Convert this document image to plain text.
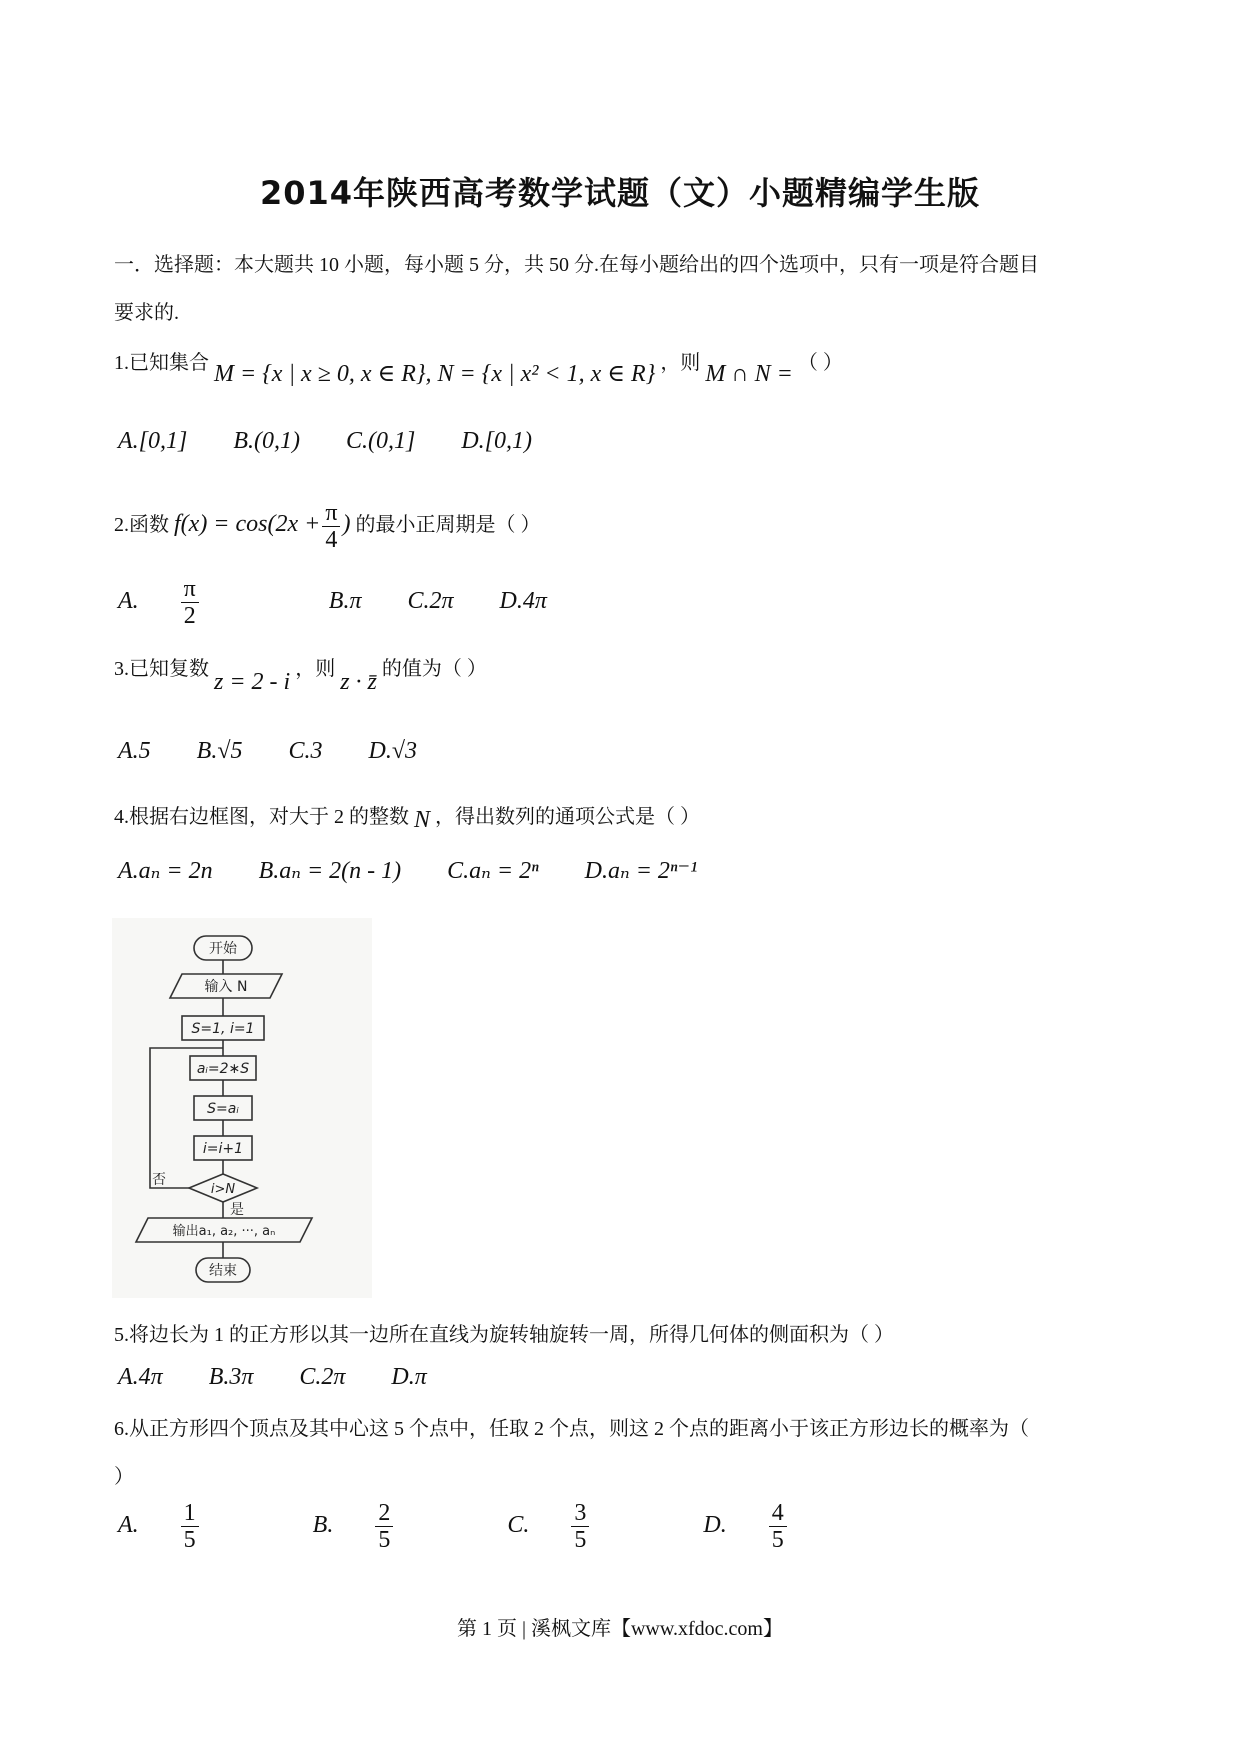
2014年陕西高考数学试题（文）小题精编学生版
一．选择题：本大题共 10 小题，每小题 5 分，共 50 分.在每小题给出的四个选项中，只有一项是符合题目
要求的.
1.已知集合 M = {x | x ≥ 0, x ∈ R}, N = {x | x² < 1, x ∈ R} ，则 M ∩ N = （ ）
A.[0,1] B.(0,1) C.(0,1] D.[0,1)
2.函数 $f(x) = \cos(2x + \frac{\pi}{4}$ ) 的最小正周期是（ ）
A. $\frac{\pi}{2}$	B.π C.2π D.4π
3.已知复数 z = 2 - i ，则 z · z̄ 的值为（ ）
A.5 B.√5 C.3 D.√3
4.根据右边框图，对大于 2 的整数 N ，得出数列的通项公式是（ ）
A.aₙ = 2n B.aₙ = 2(n - 1) C.aₙ = 2ⁿ D.aₙ = 2ⁿ⁻¹
开始
输入 N
S=1, i=1
aᵢ=2∗S
S=aᵢ
i=i+1
i>N
否
是
输出a₁, a₂, ···, aₙ
结束
5.将边长为 1 的正方形以其一边所在直线为旋转轴旋转一周，所得几何体的侧面积为（ ）
A.4π B.3π C.2π D.π
6.从正方形四个顶点及其中心这 5 个点中，任取 2 个点，则这 2 个点的距离小于该正方形边长的概率为（
）
A. $\frac{1}{5}$	B. $\frac{2}{5}$	C. $\frac{3}{5}$	D. $\frac{4}{5}$
第 1 页 | 溪枫文库【www.xfdoc.com】
